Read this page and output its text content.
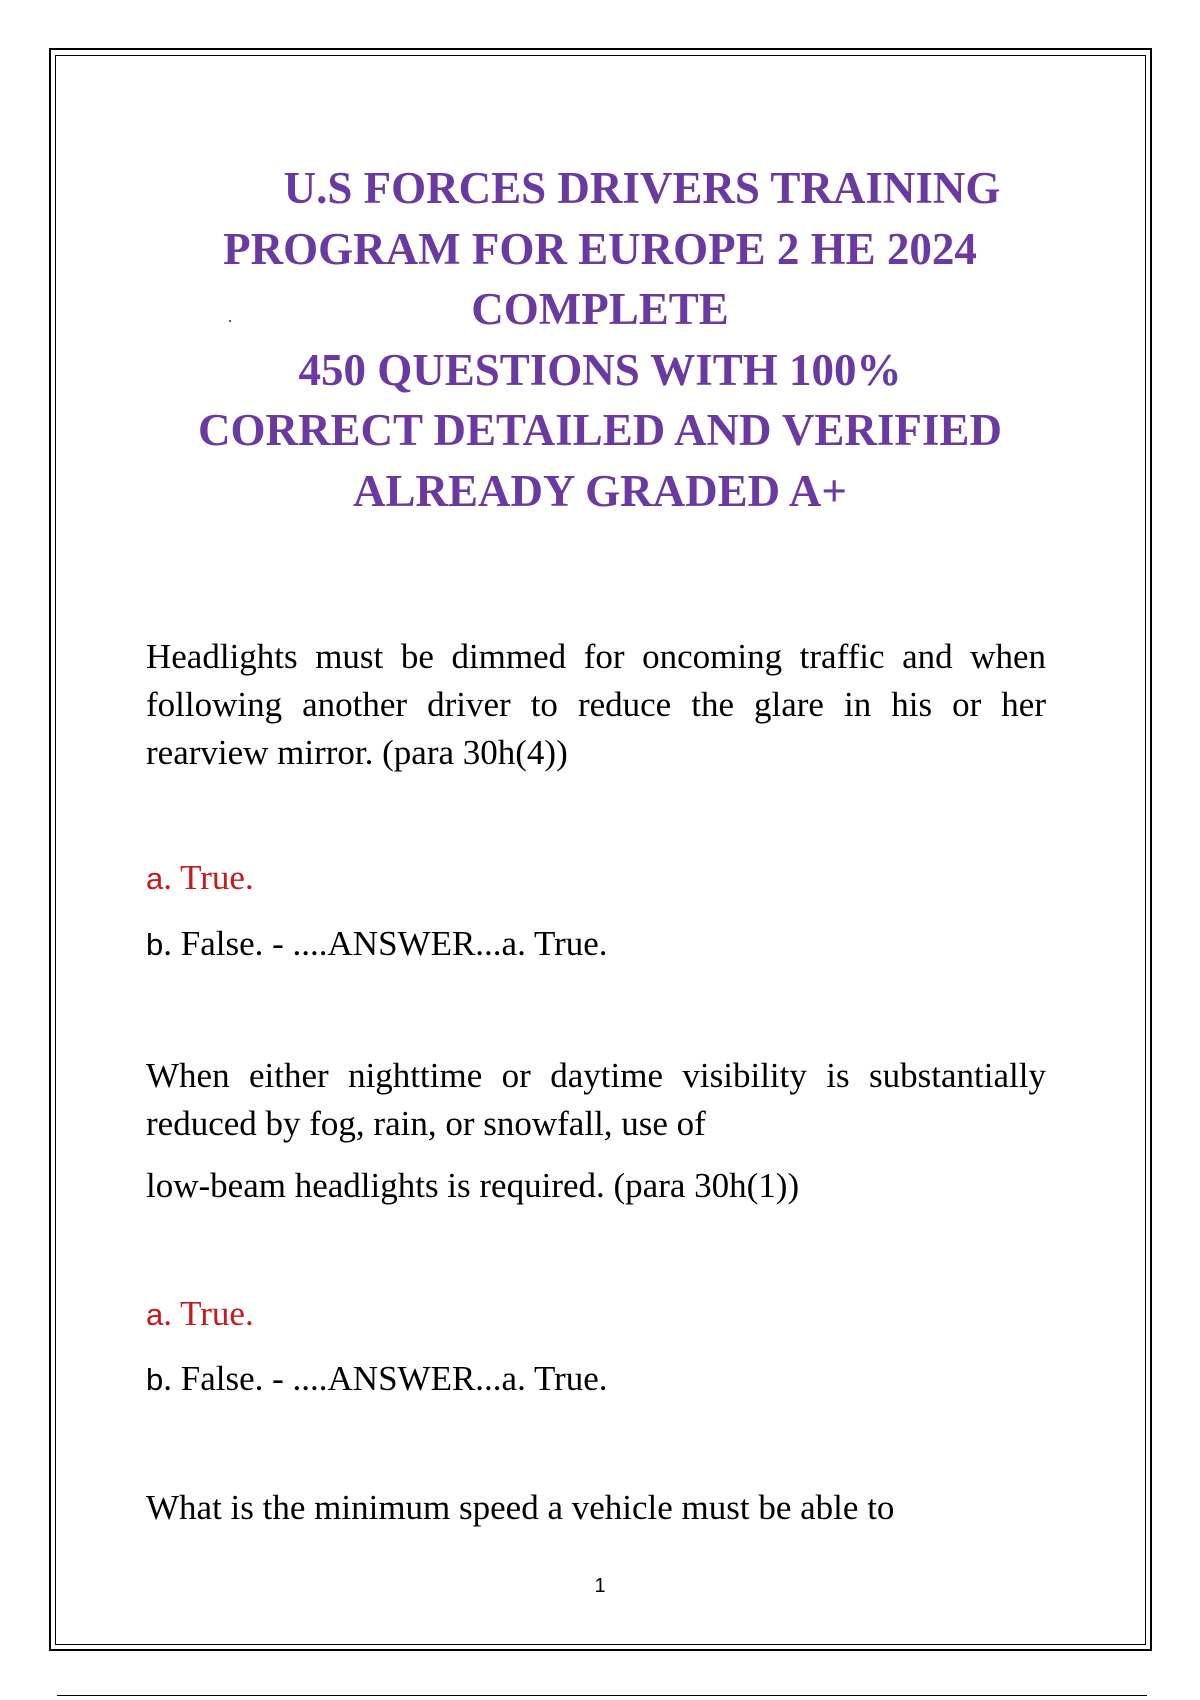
U.S FORCES DRIVERS TRAINING
PROGRAM FOR EUROPE 2 HE 2024
COMPLETE
450 QUESTIONS WITH 100%
CORRECT DETAILED AND VERIFIED
ALREADY GRADED A+
Headlights must be dimmed for oncoming traffic and when following another driver to reduce the glare in his or her rearview mirror. (para 30h(4))
a. True.
b. False. - ....ANSWER...a. True.
When either nighttime or daytime visibility is substantially reduced by fog, rain, or snowfall, use of
low-beam headlights is required. (para 30h(1))
a. True.
b. False. - ....ANSWER...a. True.
What is the minimum speed a vehicle must be able to
1
